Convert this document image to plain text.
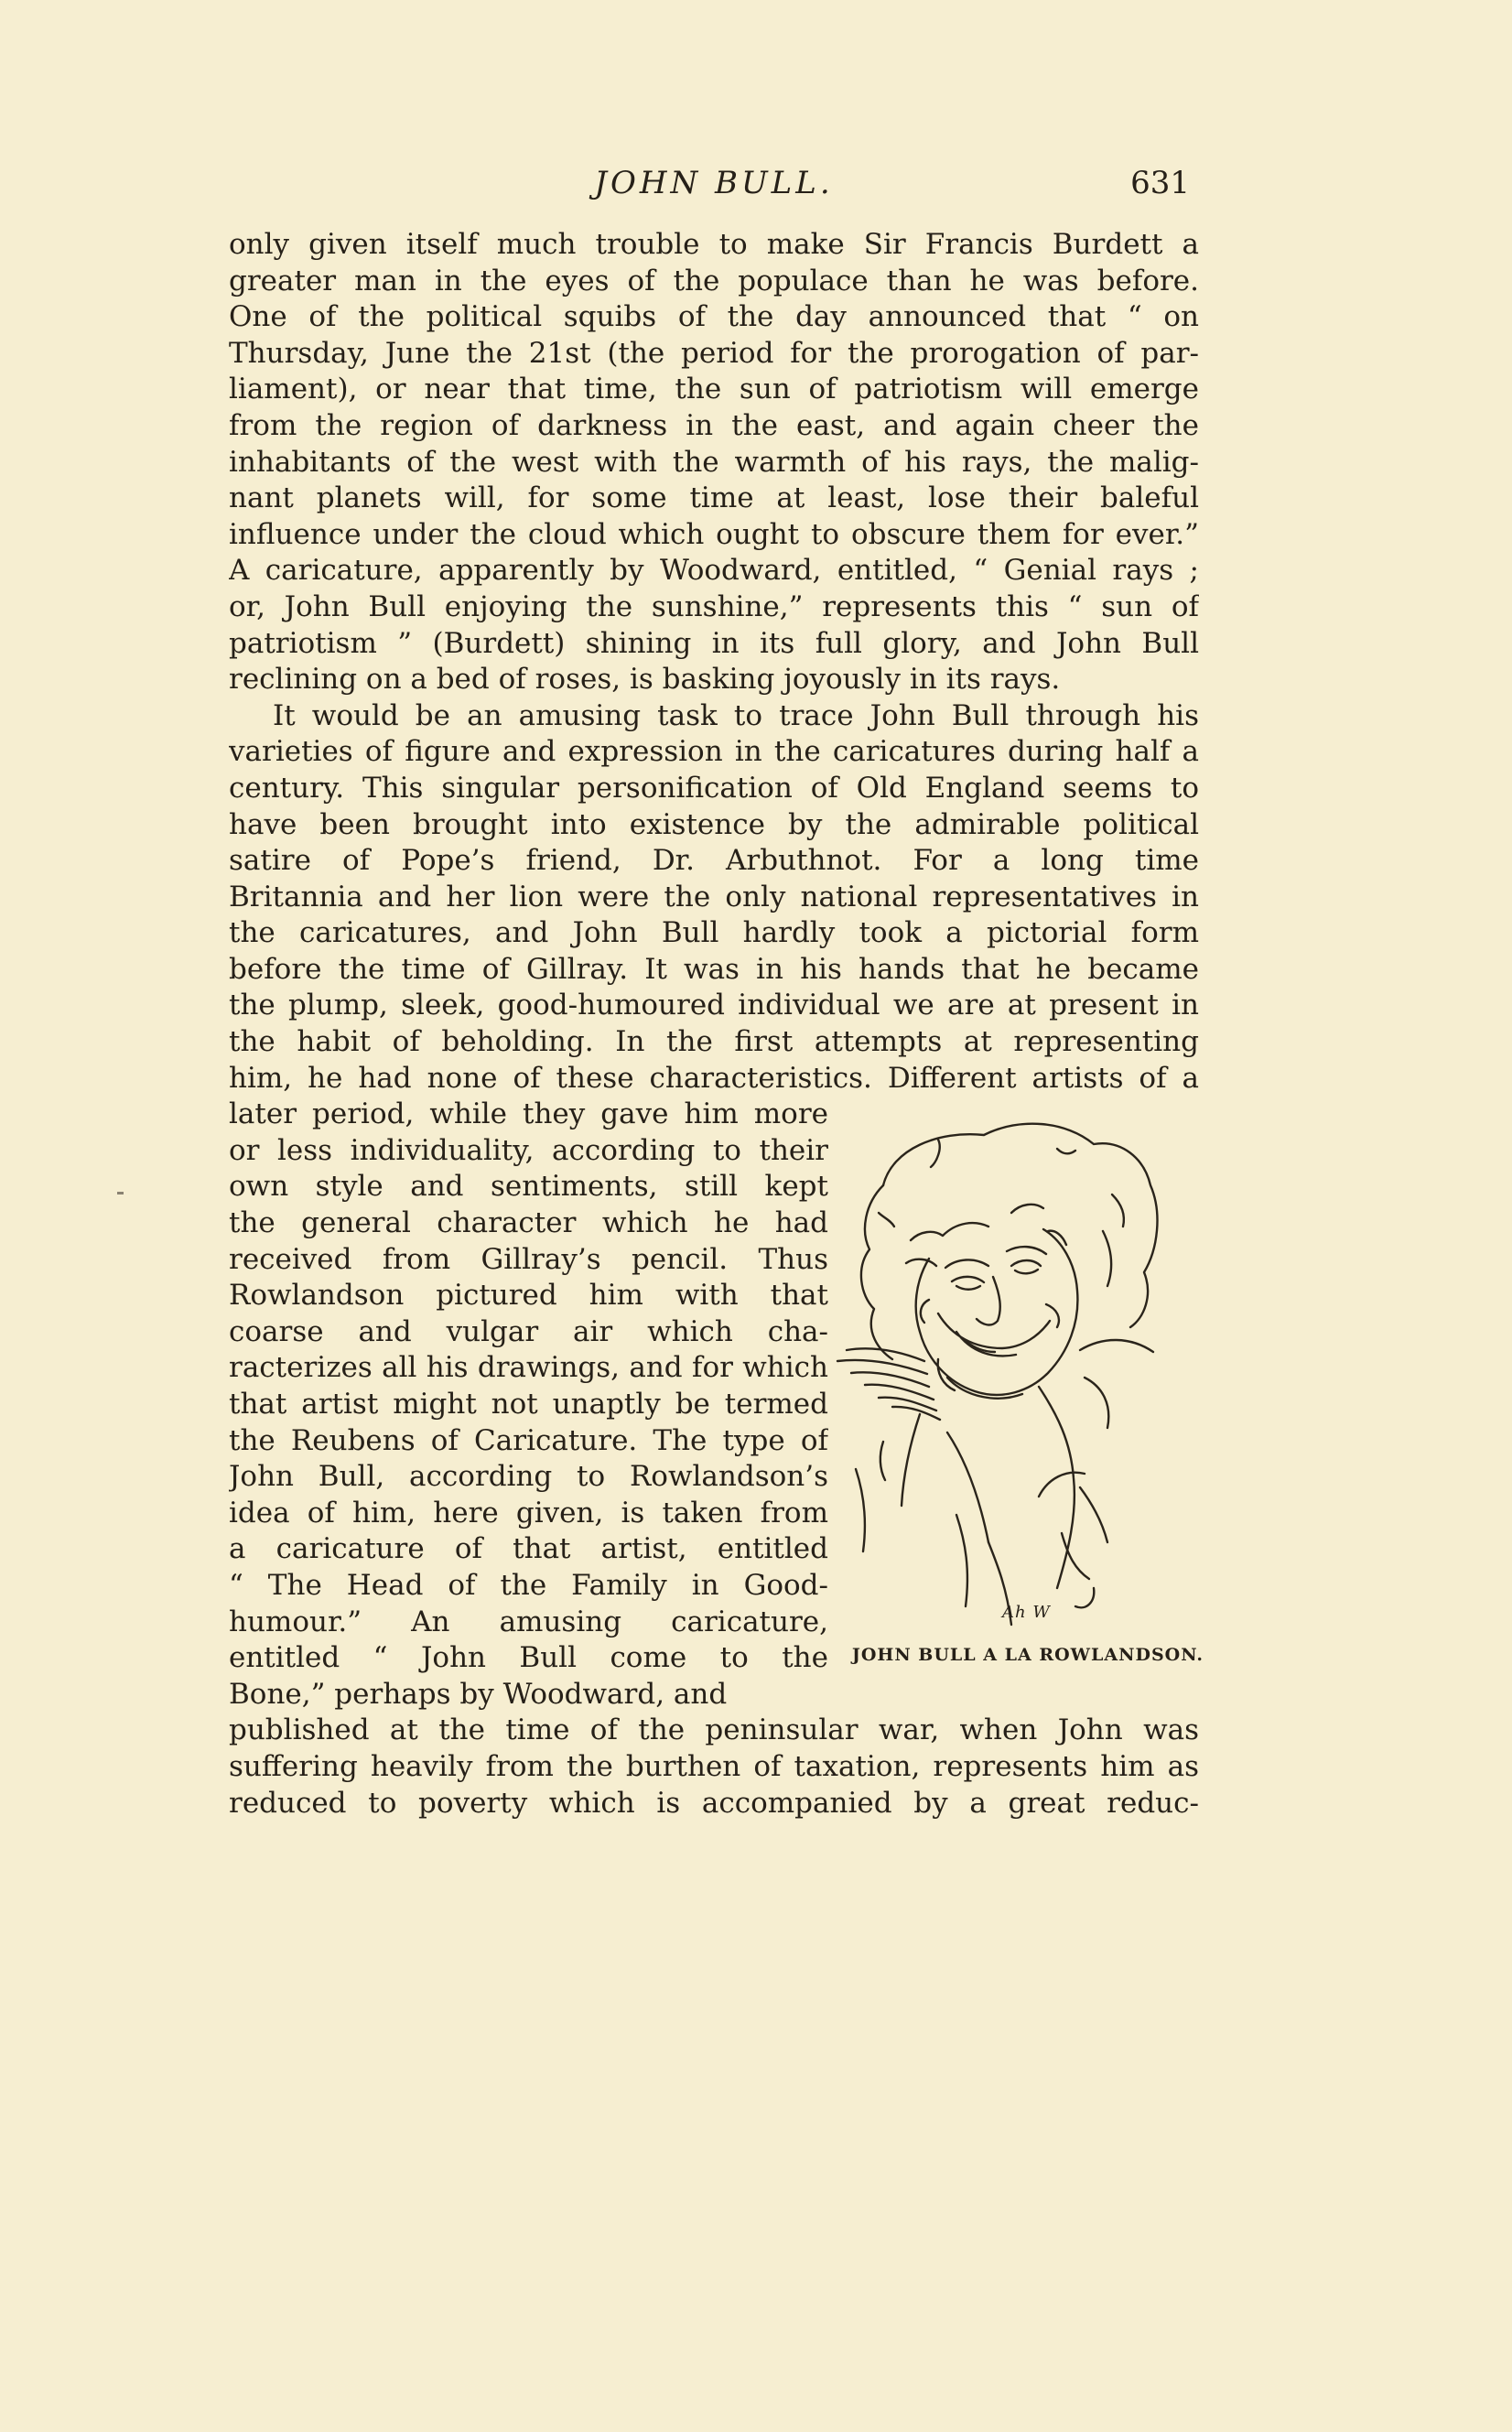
JOHN BULL.	631
only given itself much trouble to make Sir Francis Burdett a
greater man in the eyes of the populace than he was before.
One of the political squibs of the day announced that “ on
Thursday, June the 21st (the period for the prorogation of par-
liament), or near that time, the sun of patriotism will emerge
from the region of darkness in the east, and again cheer the
inhabitants of the west with the warmth of his rays, the malig-
nant planets will, for some time at least, lose their baleful
influence under the cloud which ought to obscure them for ever.”
A caricature, apparently by Woodward, entitled, “ Genial rays ;
or, John Bull enjoying the sunshine,” represents this “ sun of
patriotism ” (Burdett) shining in its full glory, and John Bull
reclining on a bed of roses, is basking joyously in its rays.
It would be an amusing task to trace John Bull through his
varieties of figure and expression in the caricatures during half a
century. This singular personification of Old England seems to
have been brought into existence by the admirable political
satire of Pope’s friend, Dr. Arbuthnot. For a long time
Britannia and her lion were the only national representatives in
the caricatures, and John Bull hardly took a pictorial form
before the time of Gillray. It was in his hands that he became
the plump, sleek, good-humoured individual we are at present in
the habit of beholding. In the first attempts at representing
him, he had none of these characteristics. Different artists of a
later period, while they gave him more
or less individuality, according to their
own style and sentiments, still kept
the general character which he had
received from Gillray’s pencil. Thus
Rowlandson pictured him with that
coarse and vulgar air which cha-
racterizes all his drawings, and for which
that artist might not unaptly be termed
the Reubens of Caricature. The type of
John Bull, according to Rowlandson’s
idea of him, here given, is taken from
a caricature of that artist, entitled
“ The Head of the Family in Good-
humour.” An amusing caricature,
entitled “ John Bull come to the
Bone,” perhaps by Woodward, and
published at the time of the peninsular war, when John was
suffering heavily from the burthen of taxation, represents him as
reduced to poverty which is accompanied by a great reduc-
Ah W
JOHN BULL A LA ROWLANDSON.
